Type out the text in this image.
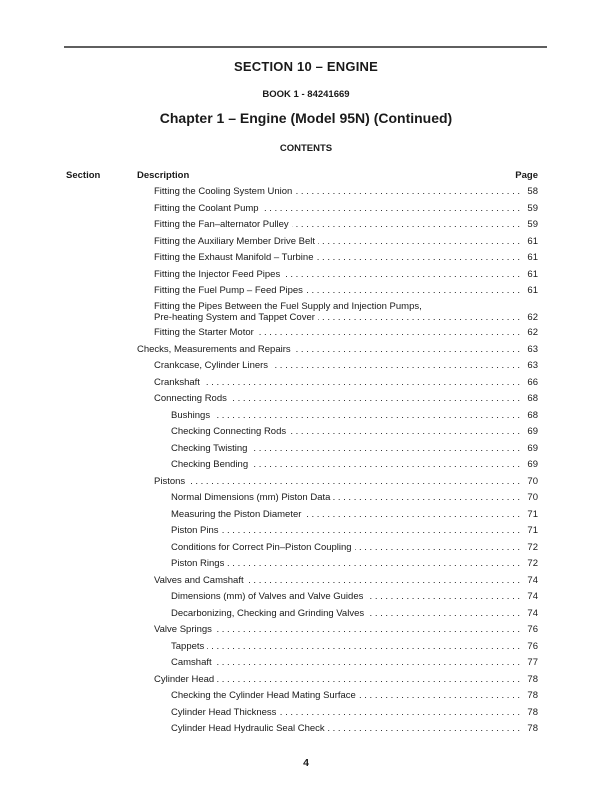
SECTION 10 – ENGINE
BOOK 1 - 84241669
Chapter 1 – Engine (Model 95N) (Continued)
CONTENTS
Section	Description	Page
Fitting the Cooling System Union . . .	58
Fitting the Coolant Pump . . .	59
Fitting the Fan–alternator Pulley . . .	59
Fitting the Auxiliary Member Drive Belt . . .	61
Fitting the Exhaust Manifold – Turbine . . .	61
Fitting the Injector Feed Pipes . . .	61
Fitting the Fuel Pump – Feed Pipes . . .	61
Fitting the Pipes Between the Fuel Supply and Injection Pumps,
Pre-heating System and Tappet Cover . . .	62
Fitting the Starter Motor . . .	62
Checks, Measurements and Repairs . . .	63
Crankcase, Cylinder Liners . . .	63
Crankshaft . . .	66
Connecting Rods . . .	68
Bushings . . .	68
Checking Connecting Rods . . .	69
Checking Twisting . . .	69
Checking Bending . . .	69
Pistons . . .	70
Normal Dimensions (mm) Piston Data . . .	70
Measuring the Piston Diameter . . .	71
Piston Pins . . .	71
Conditions for Correct Pin–Piston Coupling . . .	72
Piston Rings . . .	72
Valves and Camshaft . . .	74
Dimensions (mm) of Valves and Valve Guides . . .	74
Decarbonizing, Checking and Grinding Valves . . .	74
Valve Springs . . .	76
Tappets . . .	76
Camshaft . . .	77
Cylinder Head . . .	78
Checking the Cylinder Head Mating Surface . . .	78
Cylinder Head Thickness . . .	78
Cylinder Head Hydraulic Seal Check . . .	78
4
